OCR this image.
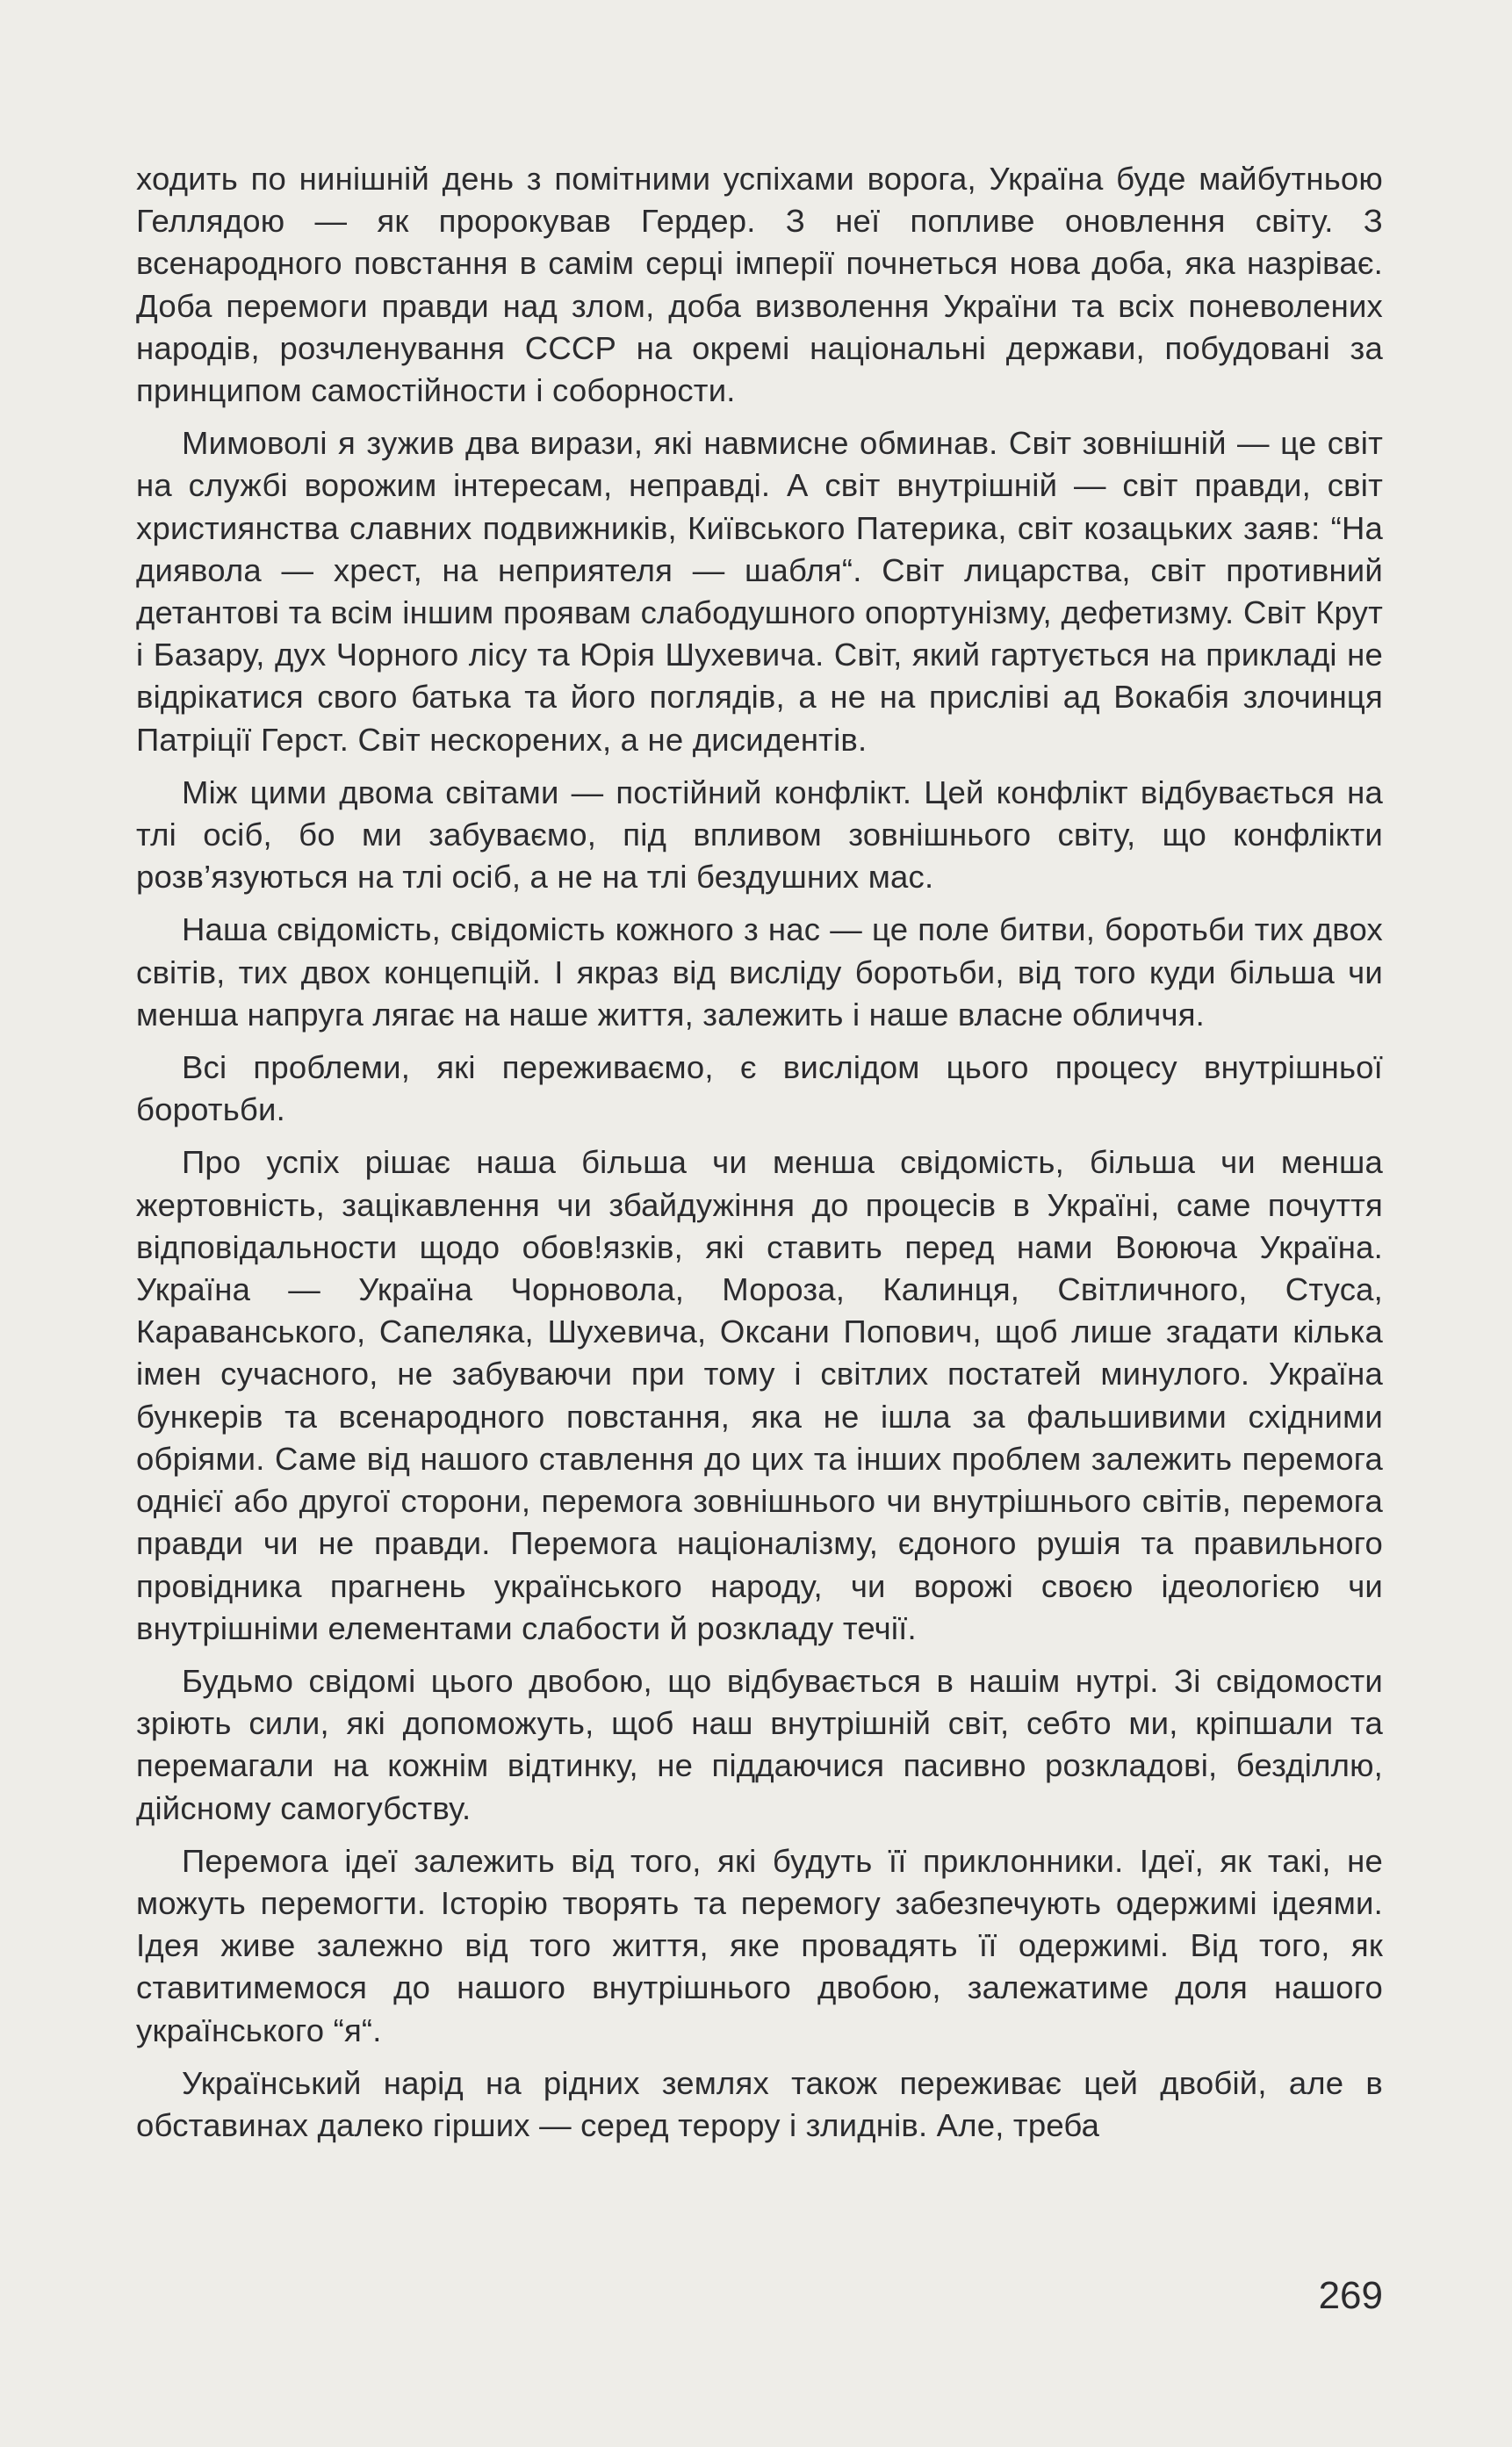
ходить по нинішній день з помітними успіхами ворога, Україна буде майбутньою Геллядою — як пророкував Гердер. З неї попливе оновлення світу. З всенародного повстання в самім серці імперії почнеться нова доба, яка назріває. Доба перемоги правди над злом, доба визволення України та всіх поневолених народів, розчленування СССР на окремі національні держави, побудовані за принципом самостійности і соборности.

Мимоволі я зужив два вирази, які навмисне обминав. Світ зовнішній — це світ на службі ворожим інтересам, неправді. А світ внутрішній — світ правди, світ християнства славних подвижників, Київського Патерика, світ козацьких заяв: “На диявола — хрест, на неприятеля — шабля“. Світ лицарства, світ противний детантові та всім іншим проявам слабодушного опортунізму, дефетизму. Світ Крут і Базару, дух Чорного лісу та Юрія Шухевича. Світ, який гартується на прикладі не відрікатися свого батька та його поглядів, а не на присліві ад Вокабія злочинця Патріції Герст. Світ нескорених, а не дисидентів.

Між цими двома світами — постійний конфлікт. Цей конфлікт відбувається на тлі осіб, бо ми забуваємо, під впливом зовнішнього світу, що конфлікти розв’язуються на тлі осіб, а не на тлі бездушних мас.

Наша свідомість, свідомість кожного з нас — це поле битви, боротьби тих двох світів, тих двох концепцій. І якраз від висліду боротьби, від того куди більша чи менша напруга лягає на наше життя, залежить і наше власне обличчя.

Всі проблеми, які переживаємо, є вислідом цього процесу внутрішньої боротьби.

Про успіх рішає наша більша чи менша свідомість, більша чи менша жертовність, зацікавлення чи збайдужіння до процесів в Україні, саме почуття відповідальности щодо обов!язків, які ставить перед нами Воююча Україна. Україна — Україна Чорновола, Мороза, Калинця, Світличного, Стуса, Караванського, Сапеляка, Шухевича, Оксани Попович, щоб лише згадати кілька імен сучасного, не забуваючи при тому і світлих постатей минулого. Україна бункерів та всенародного повстання, яка не ішла за фальшивими східними обріями. Саме від нашого ставлення до цих та інших проблем залежить перемога однієї або другої сторони, перемога зовнішнього чи внутрішнього світів, перемога правди чи не правди. Перемога націоналізму, єдоного рушія та правильного провідника прагнень українського народу, чи ворожі своєю ідеологією чи внутрішніми елементами слабости й розкладу течії.

Будьмо свідомі цього двобою, що відбувається в нашім нутрі. Зі свідомости зріють сили, які допоможуть, щоб наш внутрішній світ, себто ми, кріпшали та перемагали на кожнім відтинку, не піддаючися пасивно розкладові, безділлю, дійсному самогубству.

Перемога ідеї залежить від того, які будуть її приклонники. Ідеї, як такі, не можуть перемогти. Історію творять та перемогу забезпечують одержимі ідеями. Ідея живе залежно від того життя, яке провадять її одержимі. Від того, як ставитимемося до нашого внутрішнього двобою, залежатиме доля нашого українського “я“.

Український нарід на рідних землях також переживає цей двобій, але в обставинах далеко гірших — серед терору і злиднів. Але, треба

269
